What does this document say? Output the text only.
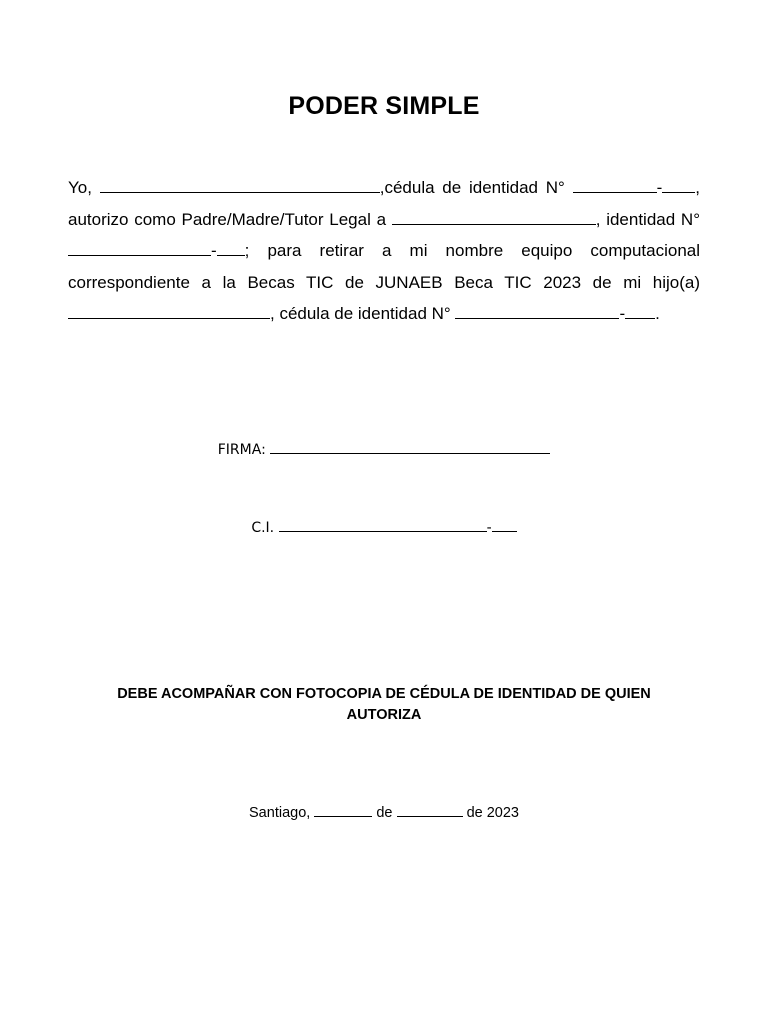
PODER SIMPLE
Yo,	,cédula de identidad N°	- , autorizo como Padre/Madre/Tutor Legal a	, identidad N° - ; para retirar a mi nombre equipo computacional correspondiente a la Becas TIC de JUNAEB Beca TIC 2023 de mi hijo(a) , cédula de identidad N°	- .
FIRMA:
C.I.	-
DEBE ACOMPAÑAR CON FOTOCOPIA DE CÉDULA DE IDENTIDAD DE QUIEN
AUTORIZA
Santiago,	de	de 2023
